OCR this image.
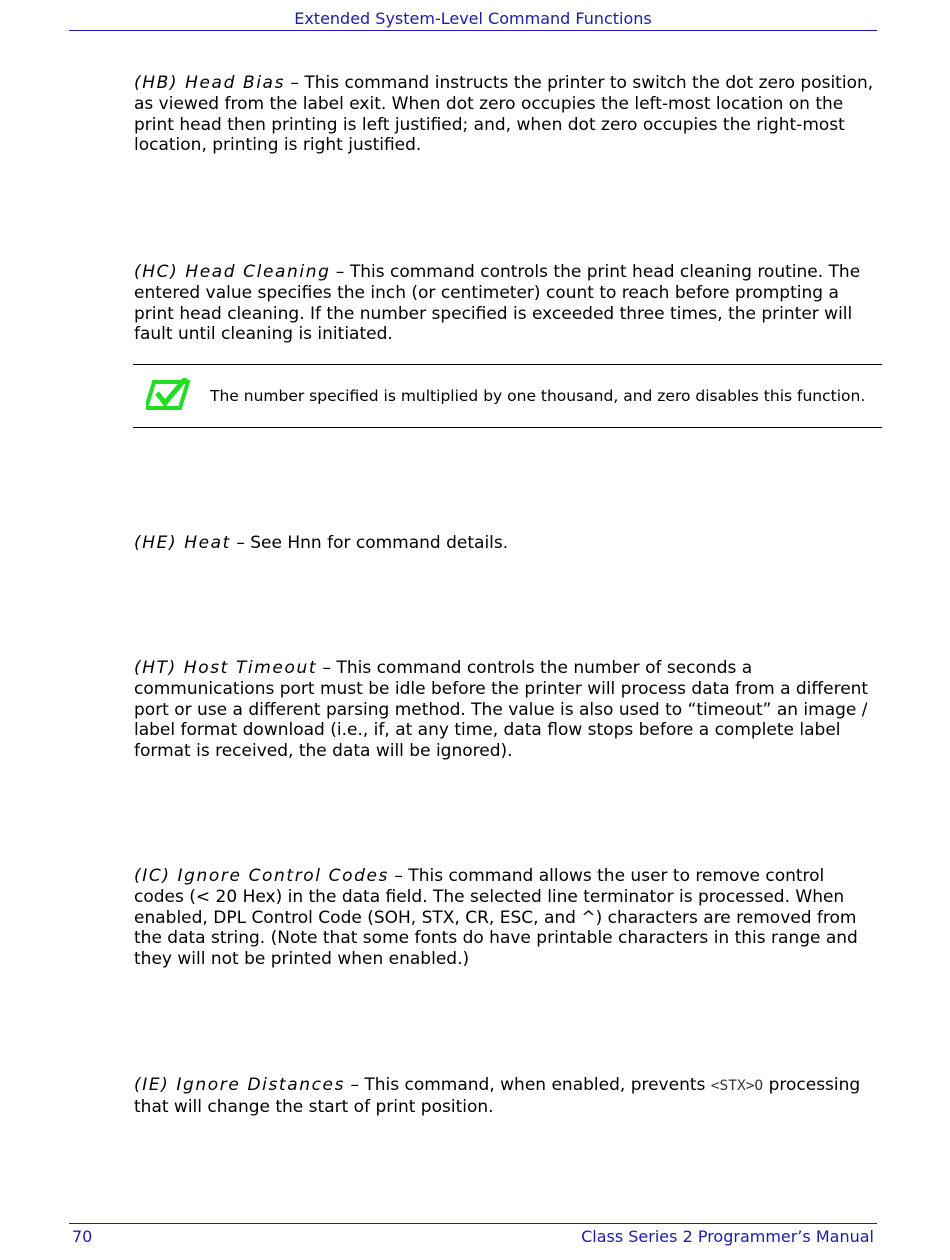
Extended System-Level Command Functions
(HB) Head Bias – This command instructs the printer to switch the dot zero position, as viewed from the label exit. When dot zero occupies the left-most location on the print head then printing is left justified; and, when dot zero occupies the right-most location, printing is right justified.
(HC) Head Cleaning – This command controls the print head cleaning routine. The entered value specifies the inch (or centimeter) count to reach before prompting a print head cleaning. If the number specified is exceeded three times, the printer will fault until cleaning is initiated.
The number specified is multiplied by one thousand, and zero disables this function.
(HE) Heat – See Hnn for command details.
(HT) Host Timeout – This command controls the number of seconds a communications port must be idle before the printer will process data from a different port or use a different parsing method. The value is also used to “timeout” an image / label format download (i.e., if, at any time, data flow stops before a complete label format is received, the data will be ignored).
(IC) Ignore Control Codes – This command allows the user to remove control codes (< 20 Hex) in the data field. The selected line terminator is processed. When enabled, DPL Control Code (SOH, STX, CR, ESC, and ^) characters are removed from the data string. (Note that some fonts do have printable characters in this range and they will not be printed when enabled.)
(IE) Ignore Distances – This command, when enabled, prevents <STX>O processing that will change the start of print position.
70	Class Series 2 Programmer’s Manual
